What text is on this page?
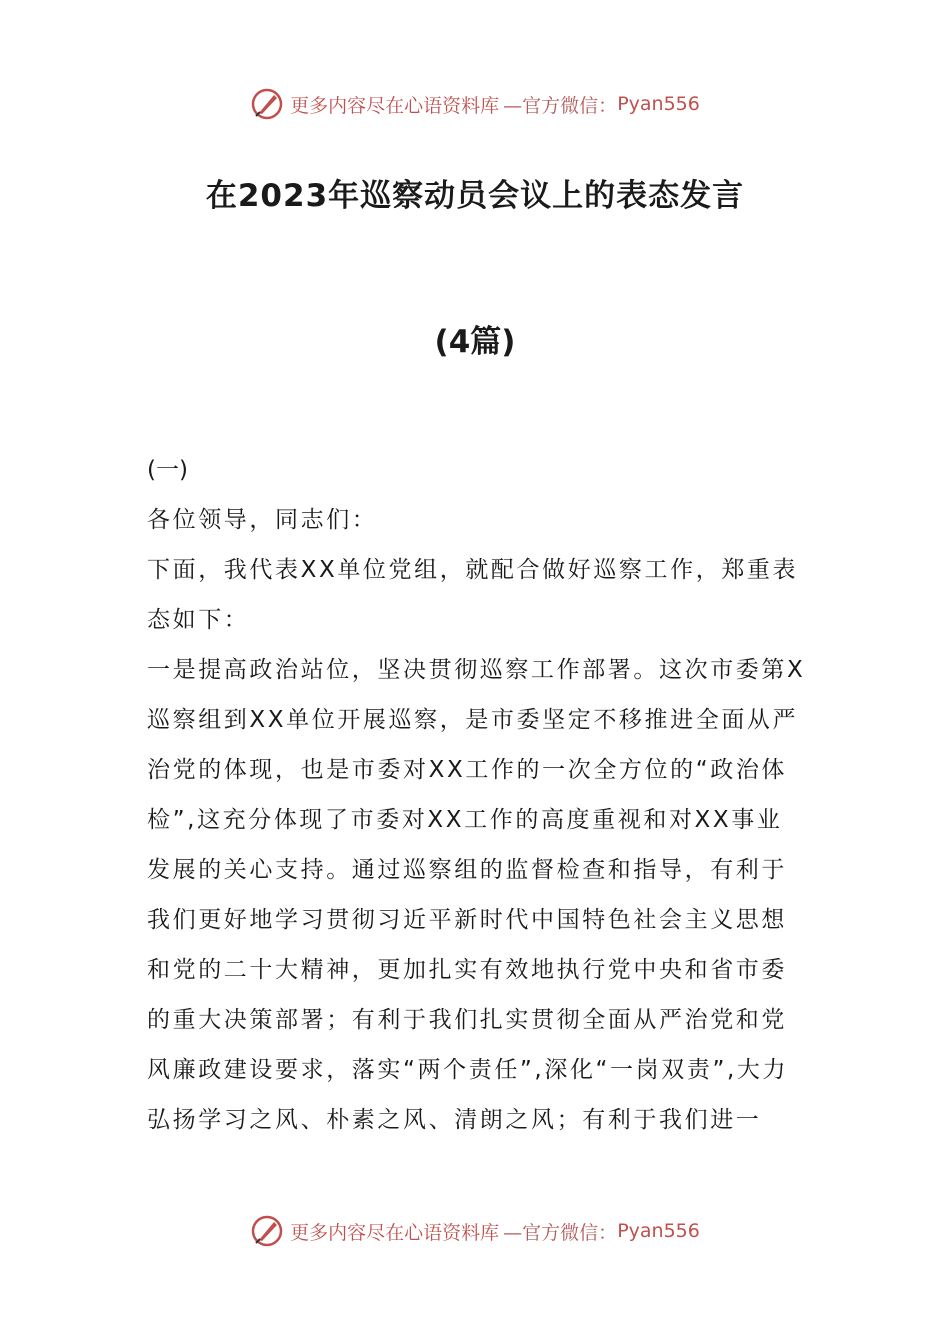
更多内容尽在心语资料库 —官方微信： Pyan556
在2023年巡察动员会议上的表态发言
(4篇)

(一)

各位领导，同志们：

下面，我代表XX单位党组，就配合做好巡察工作，郑重表态如下：

一是提高政治站位，坚决贯彻巡察工作部署。这次市委第X巡察组到XX单位开展巡察，是市委坚定不移推进全面从严治党的体现，也是市委对XX工作的一次全方位的“政治体检”,这充分体现了市委对XX工作的高度重视和对XX事业发展的关心支持。通过巡察组的监督检查和指导，有利于我们更好地学习贯彻习近平新时代中国特色社会主义思想和党的二十大精神，更加扎实有效地执行党中央和省市委的重大决策部署；有利于我们扎实贯彻全面从严治党和党风廉政建设要求，落实“两个责任”,深化“一岗双责”,大力弘扬学习之风、朴素之风、清朗之风；有利于我们进一

更多内容尽在心语资料库 —官方微信： Pyan556
